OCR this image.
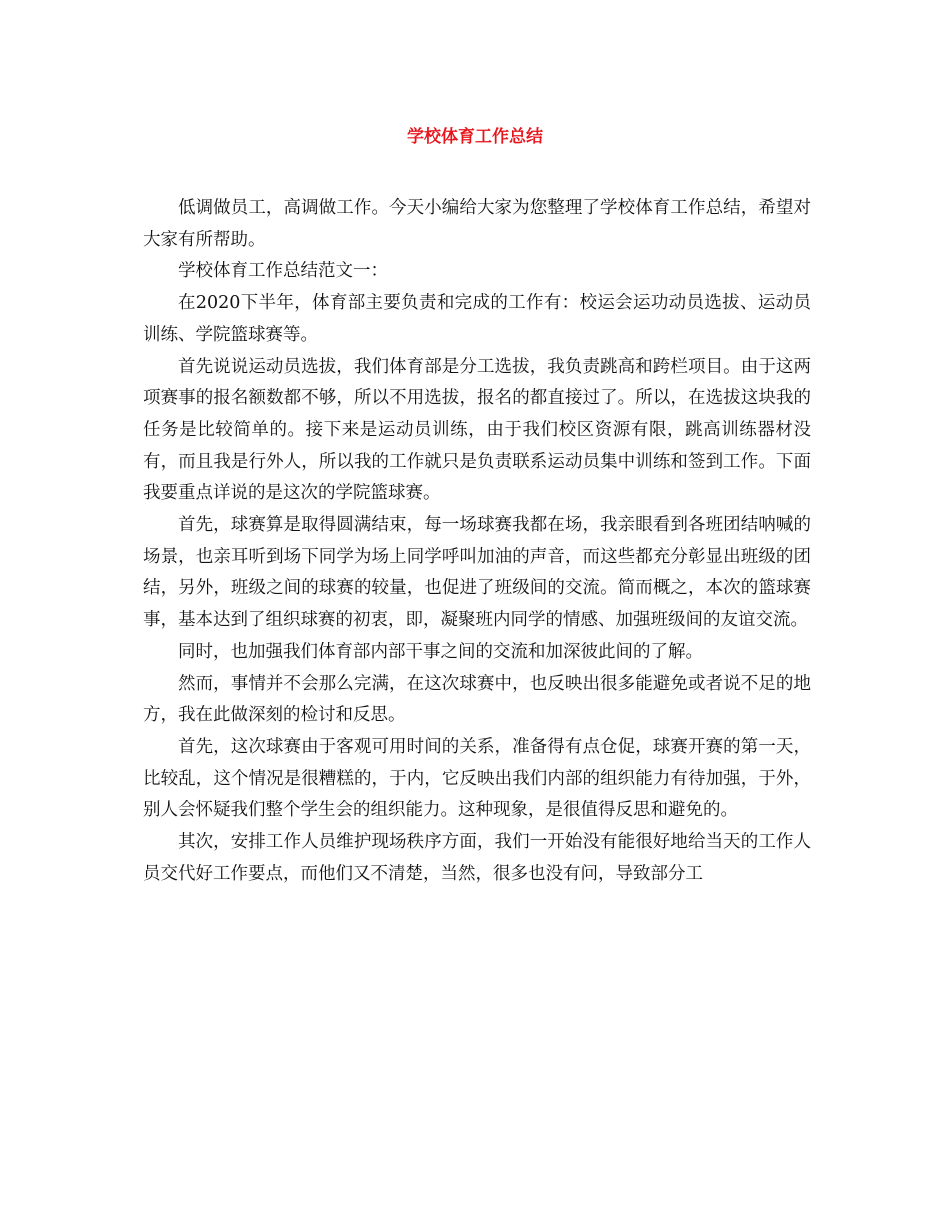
学校体育工作总结

低调做员工，高调做工作。今天小编给大家为您整理了学校体育工作总结，希望对大家有所帮助。

学校体育工作总结范文一：

在2020下半年，体育部主要负责和完成的工作有：校运会运功动员选拔、运动员训练、学院篮球赛等。

首先说说运动员选拔，我们体育部是分工选拔，我负责跳高和跨栏项目。由于这两项赛事的报名额数都不够，所以不用选拔，报名的都直接过了。所以，在选拔这块我的任务是比较简单的。接下来是运动员训练，由于我们校区资源有限，跳高训练器材没有，而且我是行外人，所以我的工作就只是负责联系运动员集中训练和签到工作。下面我要重点详说的是这次的学院篮球赛。

首先，球赛算是取得圆满结束，每一场球赛我都在场，我亲眼看到各班团结呐喊的场景，也亲耳听到场下同学为场上同学呼叫加油的声音，而这些都充分彰显出班级的团结，另外，班级之间的球赛的较量，也促进了班级间的交流。简而概之，本次的篮球赛事，基本达到了组织球赛的初衷，即，凝聚班内同学的情感、加强班级间的友谊交流。

同时，也加强我们体育部内部干事之间的交流和加深彼此间的了解。

然而，事情并不会那么完满，在这次球赛中，也反映出很多能避免或者说不足的地方，我在此做深刻的检讨和反思。

首先，这次球赛由于客观可用时间的关系，准备得有点仓促，球赛开赛的第一天，比较乱，这个情况是很糟糕的，于内，它反映出我们内部的组织能力有待加强，于外，别人会怀疑我们整个学生会的组织能力。这种现象，是很值得反思和避免的。

其次，安排工作人员维护现场秩序方面，我们一开始没有能很好地给当天的工作人员交代好工作要点，而他们又不清楚，当然，很多也没有问，导致部分工
